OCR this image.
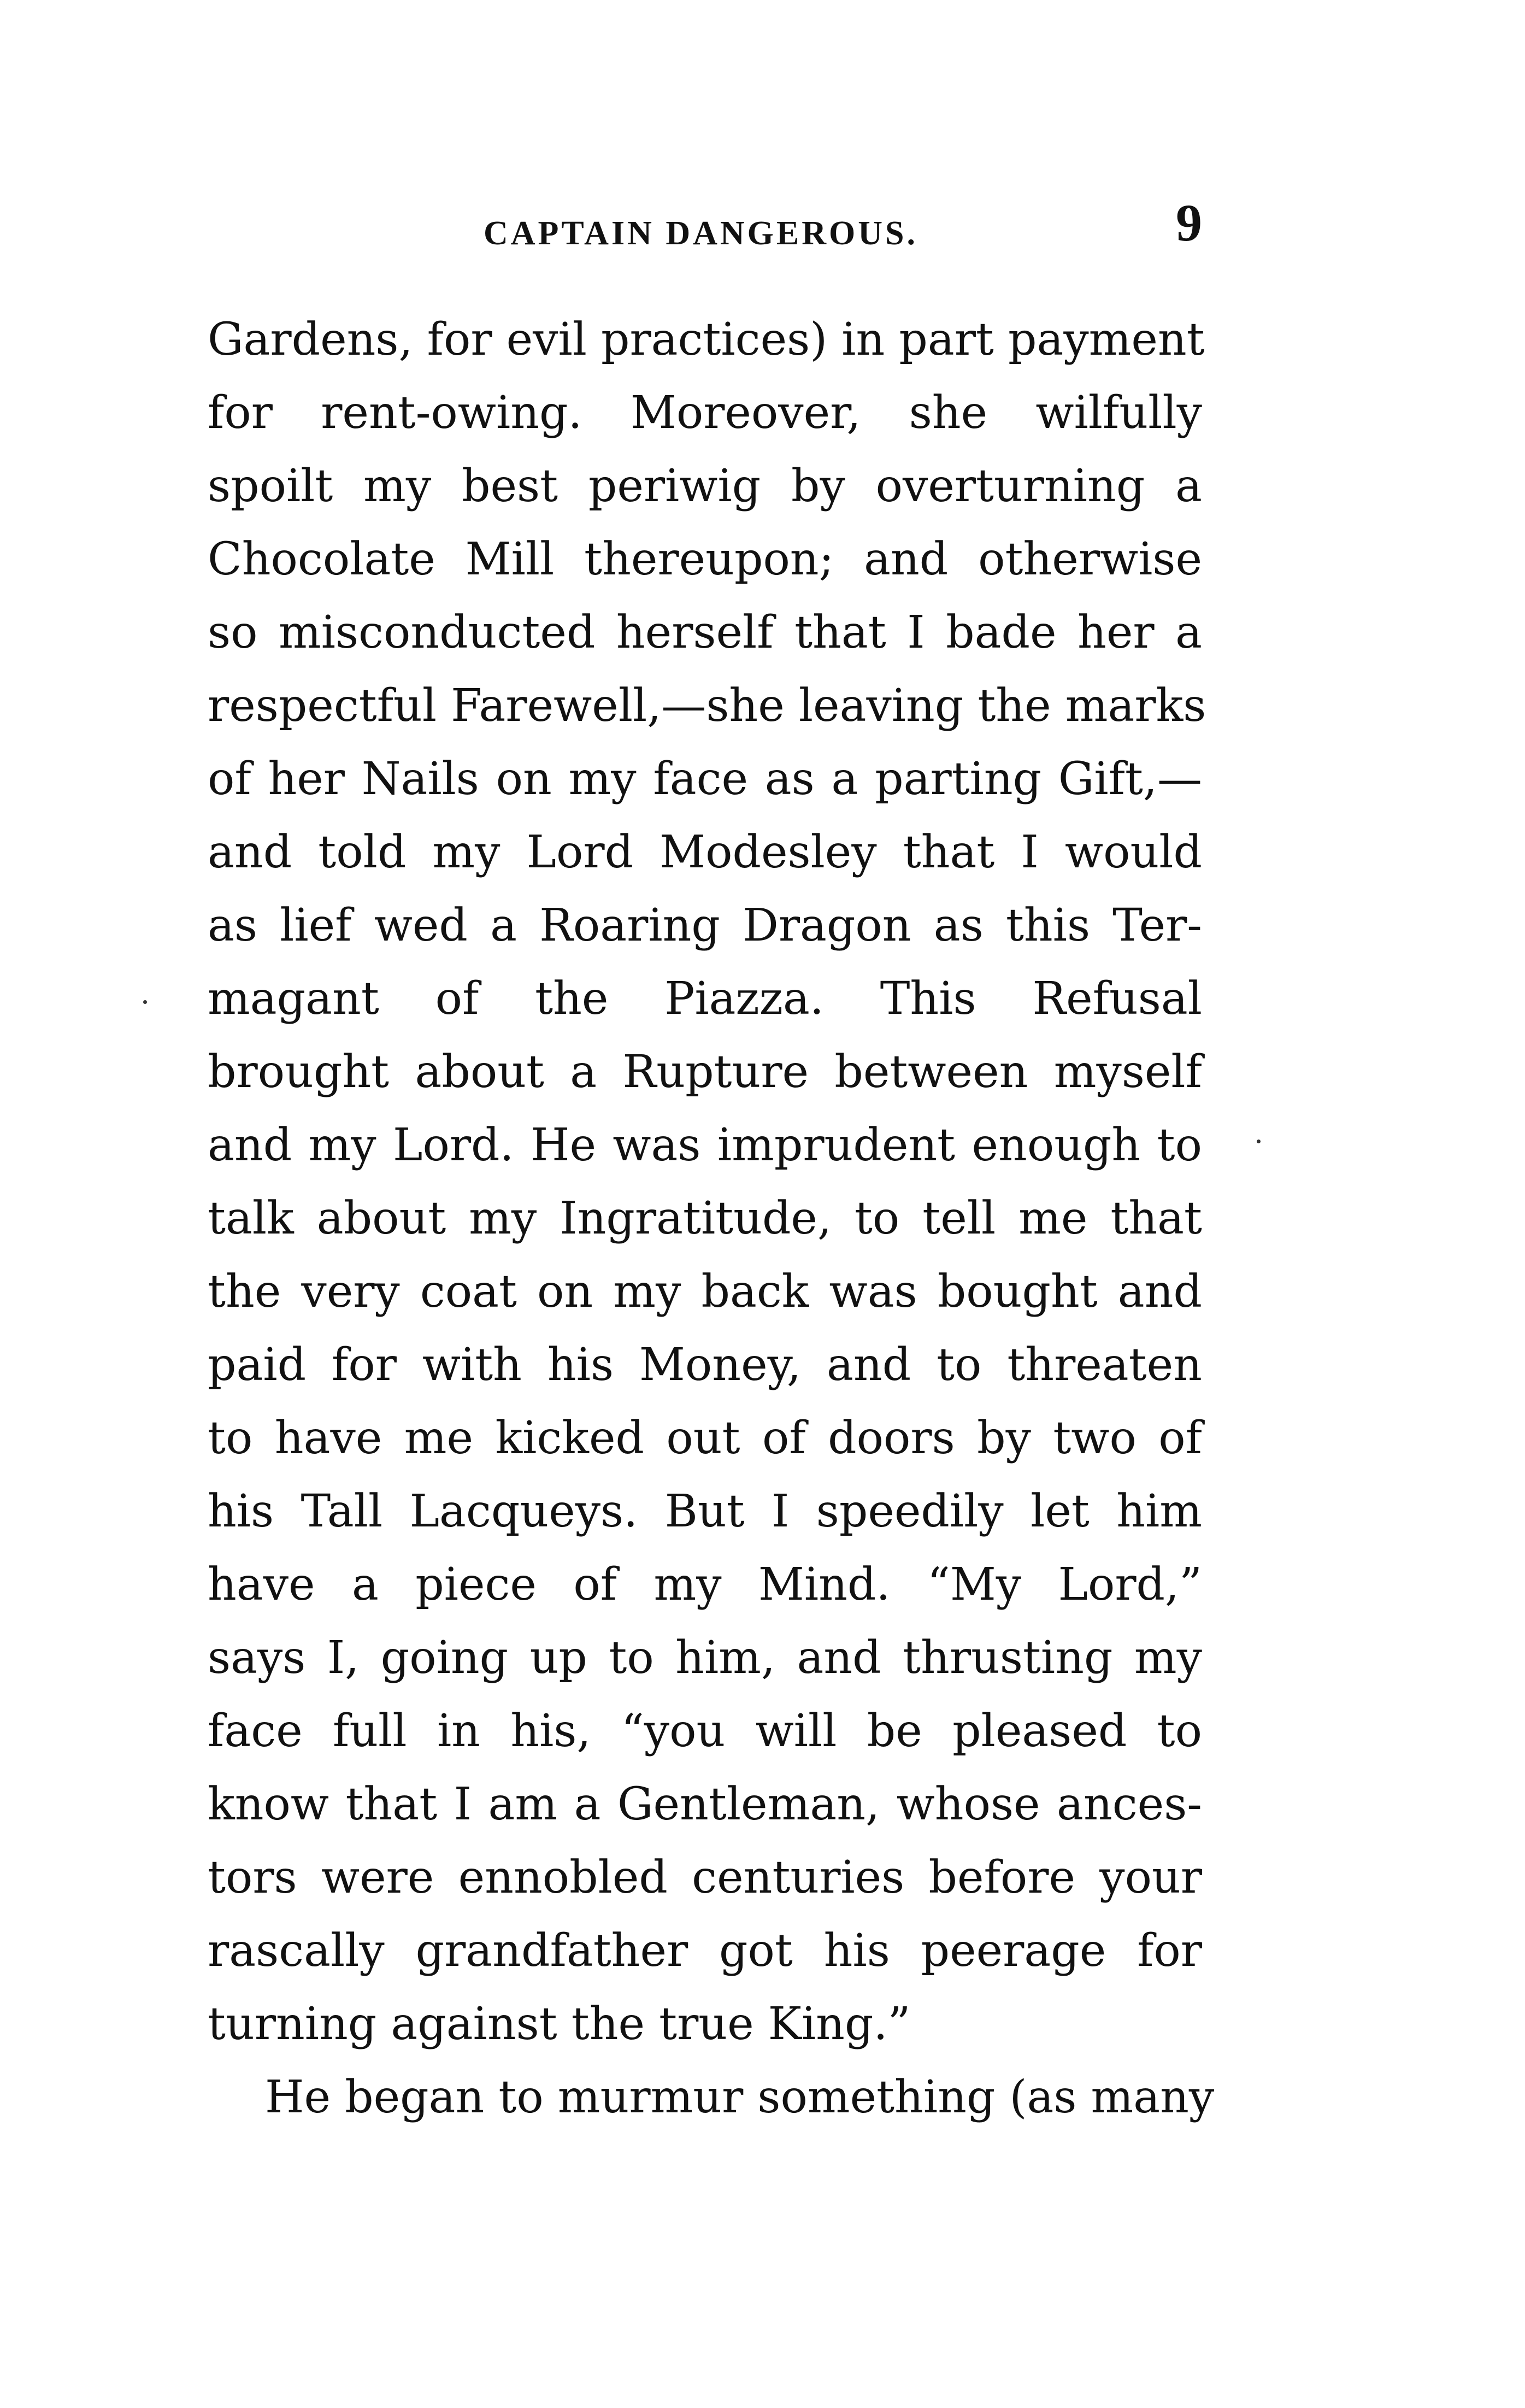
CAPTAIN DANGEROUS.	9
Gardens, for evil practices) in part payment
for rent-owing. Moreover, she wilfully
spoilt my best periwig by overturning a
Chocolate Mill thereupon; and otherwise
so misconducted herself that I bade her a
respectful Farewell,—she leaving the marks
of her Nails on my face as a parting Gift,—
and told my Lord Modesley that I would
as lief wed a Roaring Dragon as this Ter-
magant of the Piazza. This Refusal
brought about a Rupture between myself
and my Lord. He was imprudent enough to
talk about my Ingratitude, to tell me that
the very coat on my back was bought and
paid for with his Money, and to threaten
to have me kicked out of doors by two of
his Tall Lacqueys. But I speedily let him
have a piece of my Mind. “My Lord,”
says I, going up to him, and thrusting my
face full in his, “you will be pleased to
know that I am a Gentleman, whose ances-
tors were ennobled centuries before your
rascally grandfather got his peerage for
turning against the true King.”
He began to murmur something (as many
